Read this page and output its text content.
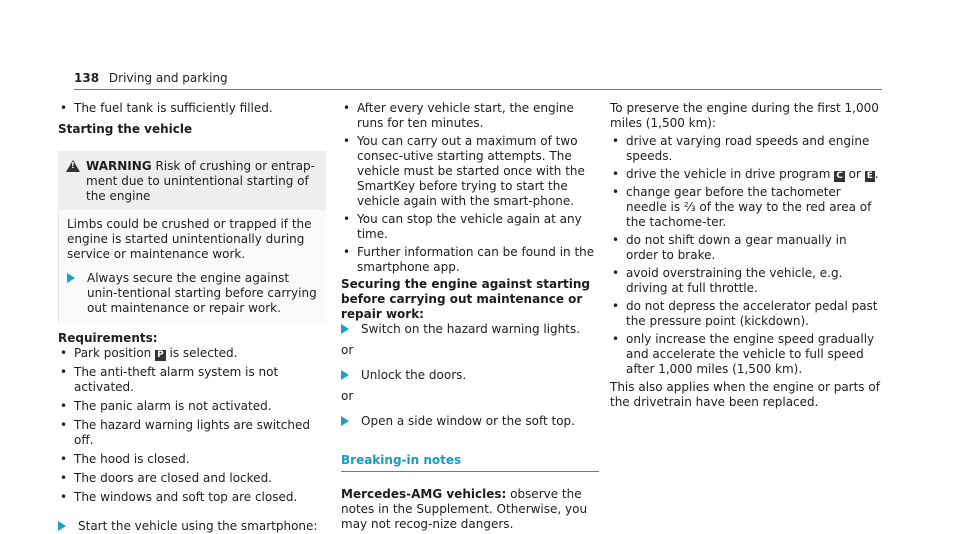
138 Driving and parking

• The fuel tank is sufficiently filled.

Starting the vehicle

!
WARNING Risk of crushing or entrap-ment due to unintentional starting of the engine

Limbs could be crushed or trapped if the engine is started unintentionally during service or maintenance work.

Always secure the engine against unin-tentional starting before carrying out maintenance or repair work.

Requirements:

• Park position P is selected.

• The anti-theft alarm system is not activated.

• The panic alarm is not activated.

• The hazard warning lights are switched off.

• The hood is closed.

• The doors are closed and locked.

• The windows and soft top are closed.

Start the vehicle using the smartphone:

• After every vehicle start, the engine runs for ten minutes.

• You can carry out a maximum of two consec-utive starting attempts. The vehicle must be started once with the SmartKey before trying to start the vehicle again with the smart-phone.

• You can stop the vehicle again at any time.

• Further information can be found in the smartphone app.

Securing the engine against starting before carrying out maintenance or repair work:

Switch on the hazard warning lights.

or

Unlock the doors.

or

Open a side window or the soft top.

Breaking-in notes

Mercedes-AMG vehicles: observe the notes in the Supplement. Otherwise, you may not recog-nize dangers.

To preserve the engine during the first 1,000 miles (1,500 km):

• drive at varying road speeds and engine speeds.

• drive the vehicle in drive program C or E .

• change gear before the tachometer needle is ⅔ of the way to the red area of the tachome-ter.

• do not shift down a gear manually in order to brake.

• avoid overstraining the vehicle, e.g. driving at full throttle.

• do not depress the accelerator pedal past the pressure point (kickdown).

• only increase the engine speed gradually and accelerate the vehicle to full speed after 1,000 miles (1,500 km).

This also applies when the engine or parts of the drivetrain have been replaced.
